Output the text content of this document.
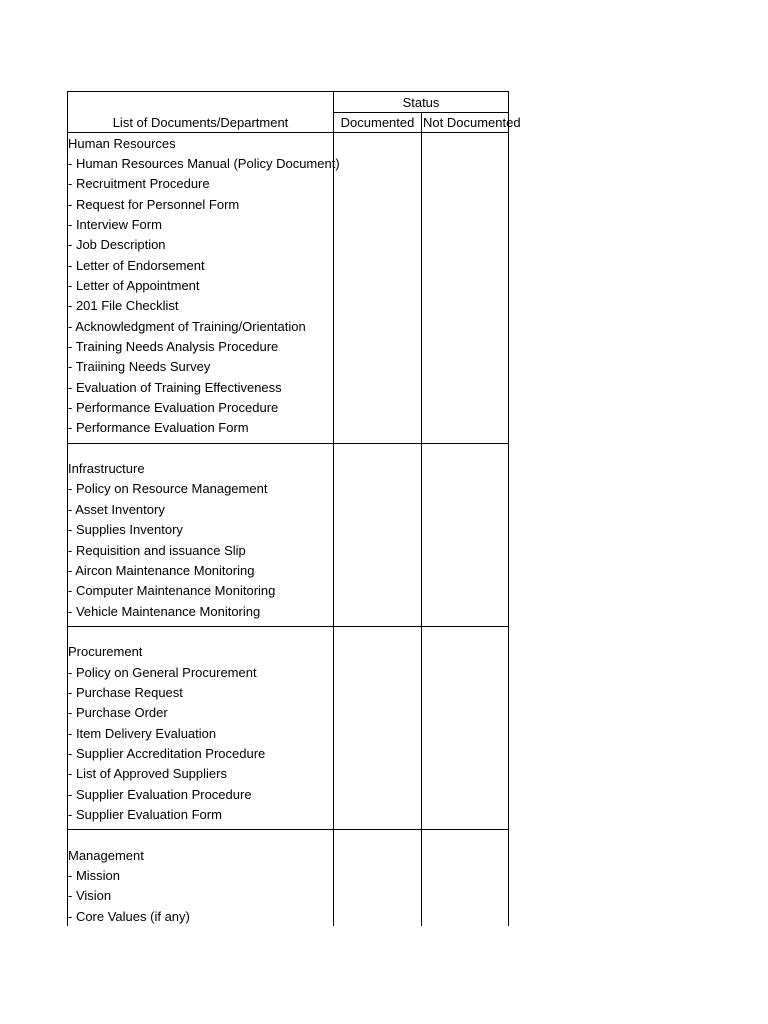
Status
List of Documents/Department	Documented Not Documented
Human Resources
- Human Resources Manual (Policy Document)
- Recruitment Procedure
- Request for Personnel Form
- Interview Form
- Job Description
- Letter of Endorsement
- Letter of Appointment
- 201 File Checklist
- Acknowledgment of Training/Orientation
- Training Needs Analysis Procedure
- Traiining Needs Survey
- Evaluation of Training Effectiveness
- Performance Evaluation Procedure
- Performance Evaluation Form
Infrastructure
- Policy on Resource Management
- Asset Inventory
- Supplies Inventory
- Requisition and issuance Slip
- Aircon Maintenance Monitoring
- Computer Maintenance Monitoring
- Vehicle Maintenance Monitoring
Procurement
- Policy on General Procurement
- Purchase Request
- Purchase Order
- Item Delivery Evaluation
- Supplier Accreditation Procedure
- List of Approved Suppliers
- Supplier Evaluation Procedure
- Supplier Evaluation Form
Management
- Mission
- Vision
- Core Values (if any)
